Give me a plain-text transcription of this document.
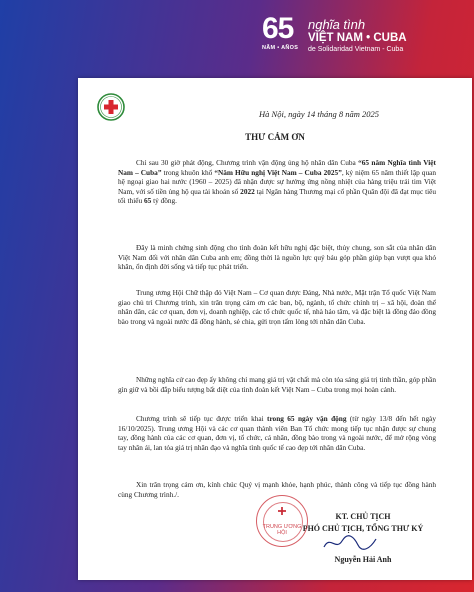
65
NĂM • AÑOS
nghĩa tình
VIỆT NAM • CUBA
de Solidaridad Vietnam - Cuba
Hà Nội, ngày 14 tháng 8 năm 2025
THƯ CẢM ƠN

Chỉ sau 30 giờ phát động, Chương trình vận động ủng hộ nhân dân Cuba “65 năm Nghĩa tình Việt Nam – Cuba” trong khuôn khổ “Năm Hữu nghị Việt Nam – Cuba 2025”, kỷ niệm 65 năm thiết lập quan hệ ngoại giao hai nước (1960 – 2025) đã nhận được sự hưởng ứng nồng nhiệt của hàng triệu trái tim Việt Nam, với số tiền ủng hộ qua tài khoản số 2022 tại Ngân hàng Thương mại cổ phần Quân đội đã đạt mục tiêu tối thiểu 65 tỷ đồng.

Đây là minh chứng sinh động cho tình đoàn kết hữu nghị đặc biệt, thủy chung, son sắt của nhân dân Việt Nam đối với nhân dân Cuba anh em; đồng thời là nguồn lực quý báu góp phần giúp bạn vượt qua khó khăn, ổn định đời sống và tiếp tục phát triển.

Trung ương Hội Chữ thập đỏ Việt Nam – Cơ quan được Đảng, Nhà nước, Mặt trận Tổ quốc Việt Nam giao chủ trì Chương trình, xin trân trọng cảm ơn các ban, bộ, ngành, tổ chức chính trị – xã hội, đoàn thể nhân dân, các cơ quan, đơn vị, doanh nghiệp, các tổ chức quốc tế, nhà hảo tâm, và đặc biệt là đồng đảo đồng bào trong và ngoài nước đã đồng hành, sẻ chia, gửi trọn tấm lòng tới nhân dân Cuba.

Những nghĩa cử cao đẹp ấy không chỉ mang giá trị vật chất mà còn tỏa sáng giá trị tinh thần, góp phần gìn giữ và bồi đắp biểu tượng bất diệt của tình đoàn kết Việt Nam – Cuba trong mọi hoàn cảnh.

Chương trình sẽ tiếp tục được triển khai trong 65 ngày vận động (từ ngày 13/8 đến hết ngày 16/10/2025). Trung ương Hội và các cơ quan thành viên Ban Tổ chức mong tiếp tục nhận được sự chung tay, đồng hành của các cơ quan, đơn vị, tổ chức, cá nhân, đồng bào trong và ngoài nước, để mở rộng vòng tay nhân ái, lan tỏa giá trị nhân đạo và nghĩa tình quốc tế cao đẹp tới nhân dân Cuba.

Xin trân trọng cảm ơn, kính chúc Quý vị mạnh khỏe, hạnh phúc, thành công và tiếp tục đồng hành cùng Chương trình./.

KT. CHỦ TỊCH
PHÓ CHỦ TỊCH, TỔNG THƯ KÝ
TRUNG ƯƠNG HỘI
Nguyễn Hải Anh
